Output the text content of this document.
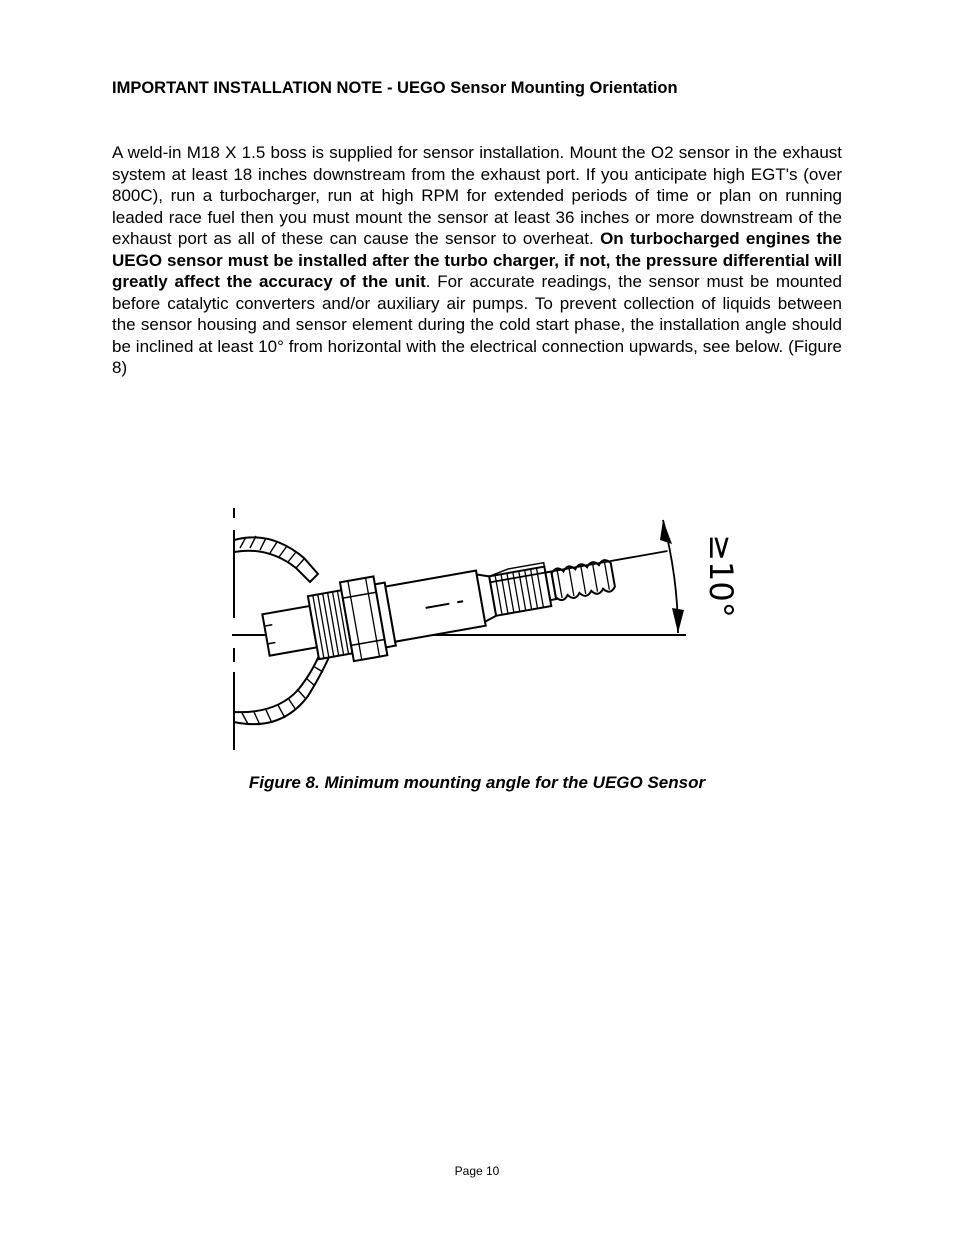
IMPORTANT INSTALLATION NOTE - UEGO Sensor Mounting Orientation

A weld-in M18 X 1.5 boss is supplied for sensor installation. Mount the O2 sensor in the exhaust system at least 18 inches downstream from the exhaust port. If you anticipate high EGT's (over 800C), run a turbocharger, run at high RPM for extended periods of time or plan on running leaded race fuel then you must mount the sensor at least 36 inches or more downstream of the exhaust port as all of these can cause the sensor to overheat. On turbocharged engines the UEGO sensor must be installed after the turbo charger, if not, the pressure differential will greatly affect the accuracy of the unit. For accurate readings, the sensor must be mounted before catalytic converters and/or auxiliary air pumps. To prevent collection of liquids between the sensor housing and sensor element during the cold start phase, the installation angle should be inclined at least 10° from horizontal with the electrical connection upwards, see below. (Figure 8)

≥10°

Figure 8. Minimum mounting angle for the UEGO Sensor

Page 10
